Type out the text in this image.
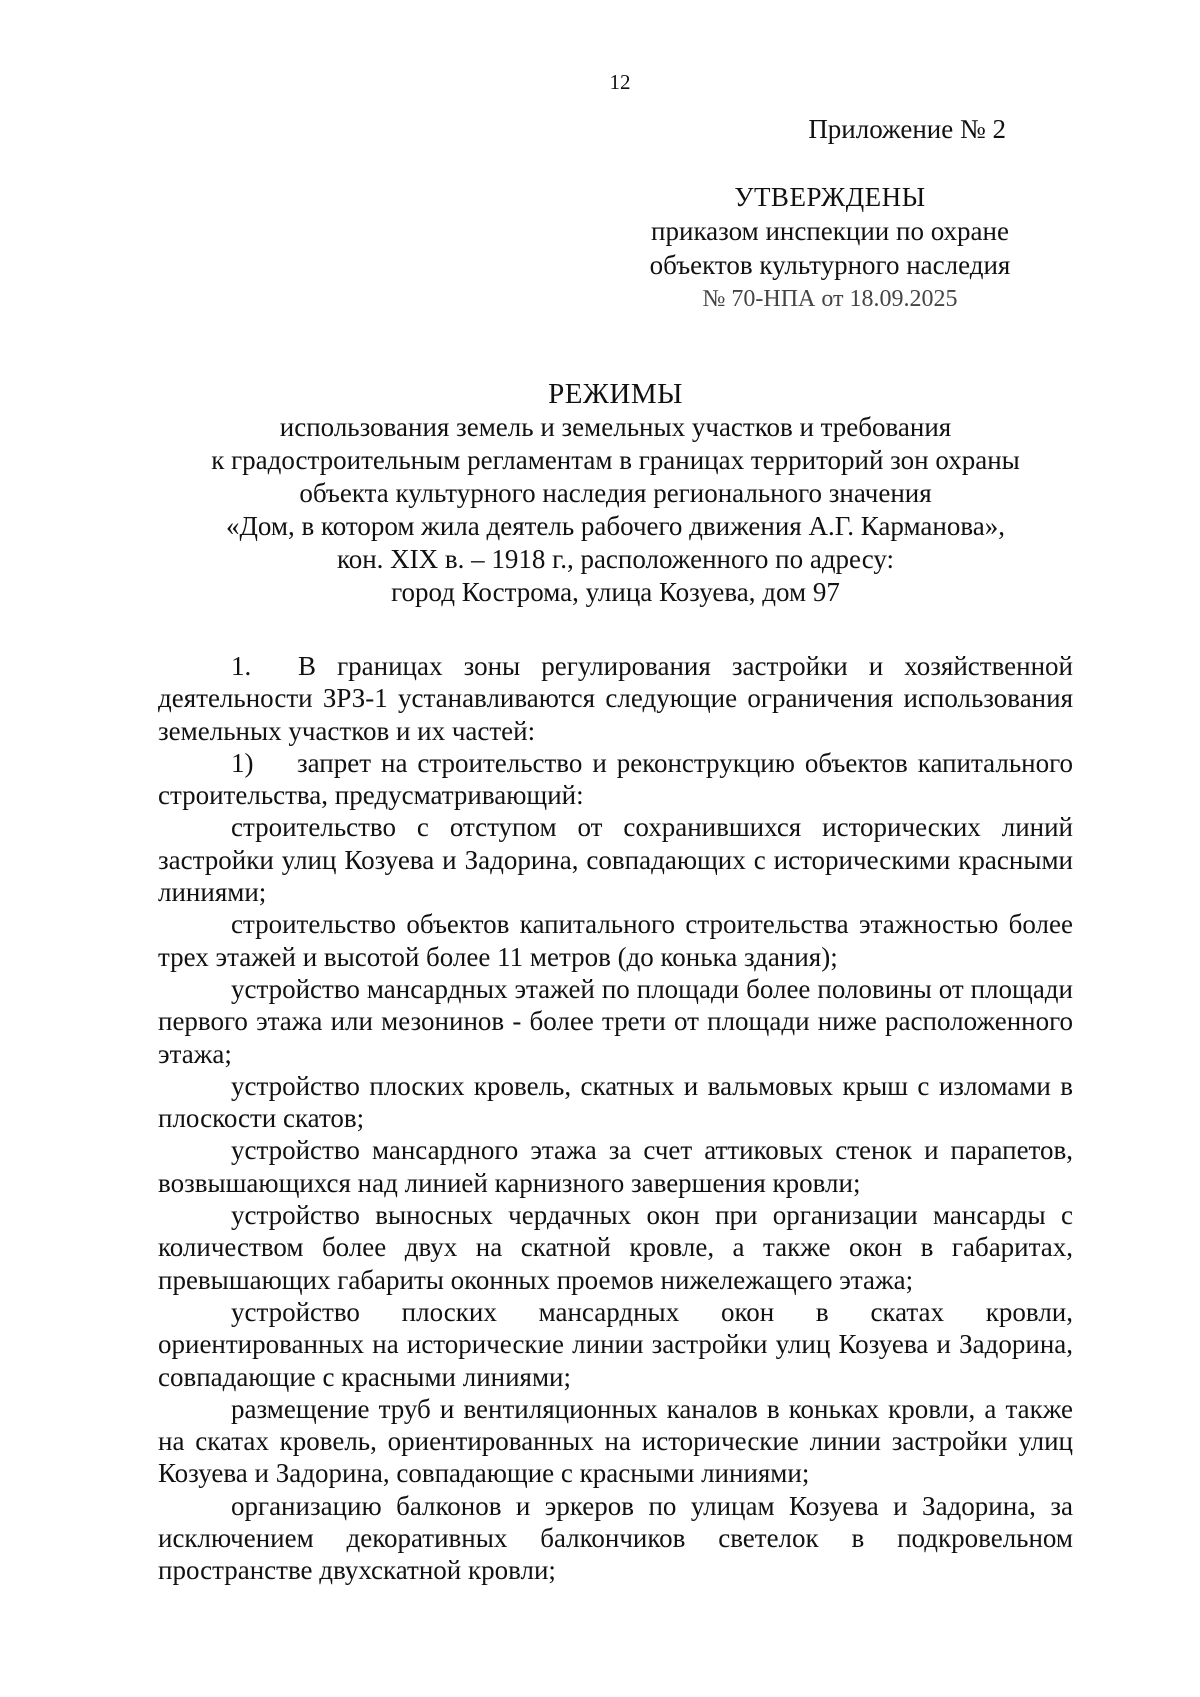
12
Приложение № 2
УТВЕРЖДЕНЫ
приказом инспекции по охране
объектов культурного наследия
№ 70-НПА от 18.09.2025
РЕЖИМЫ
использования земель и земельных участков и требования
к градостроительным регламентам в границах территорий зон охраны
объекта культурного наследия регионального значения
«Дом, в котором жила деятель рабочего движения А.Г. Карманова»,
кон. XIX в. – 1918 г., расположенного по адресу:
город Кострома, улица Козуева, дом 97

1. В границах зоны регулирования застройки и хозяйственной деятельности ЗРЗ-1 устанавливаются следующие ограничения использования земельных участков и их частей:

1) запрет на строительство и реконструкцию объектов капитального строительства, предусматривающий:

строительство с отступом от сохранившихся исторических линий застройки улиц Козуева и Задорина, совпадающих с историческими красными линиями;

строительство объектов капитального строительства этажностью более трех этажей и высотой более 11 метров (до конька здания);

устройство мансардных этажей по площади более половины от площади первого этажа или мезонинов - более трети от площади ниже расположенного этажа;

устройство плоских кровель, скатных и вальмовых крыш с изломами в плоскости скатов;

устройство мансардного этажа за счет аттиковых стенок и парапетов, возвышающихся над линией карнизного завершения кровли;

устройство выносных чердачных окон при организации мансарды с количеством более двух на скатной кровле, а также окон в габаритах, превышающих габариты оконных проемов нижележащего этажа;

устройство плоских мансардных окон в скатах кровли, ориентированных на исторические линии застройки улиц Козуева и Задорина, совпадающие с красными линиями;

размещение труб и вентиляционных каналов в коньках кровли, а также на скатах кровель, ориентированных на исторические линии застройки улиц Козуева и Задорина, совпадающие с красными линиями;

организацию балконов и эркеров по улицам Козуева и Задорина, за исключением декоративных балкончиков светелок в подкровельном пространстве двухскатной кровли;
